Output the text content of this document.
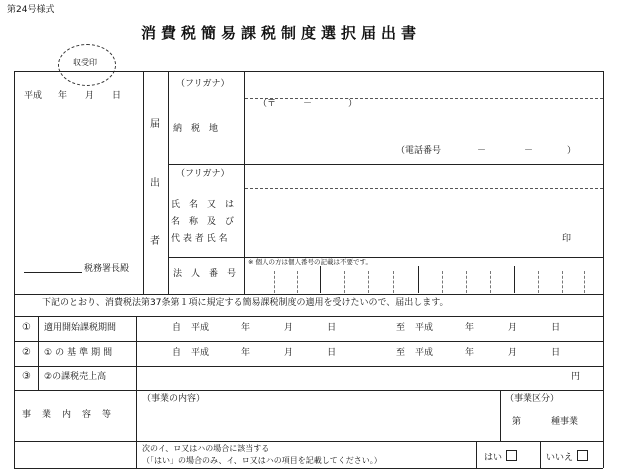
第24号様式
消費税簡易課税制度選択届出書
収受印
平成 年 月 日
税務署長殿
届
出
者
（フリガナ）
納　税　地
（〒　　　－　　　　）
（電話番号	－	－	）
（フリガナ）
氏　名　又　は
名　称　及　び
代 表 者 氏 名	印
※ 個人の方は個人番号の記載は不要です。
法　人　番　号
下記のとおり、消費税法第37条第１項に規定する簡易課税制度の適用を受けたいので、届出します。
① 適用開始課税期間	自 平成	年	月	日	至 平成	年	月	日
② ①の基準期間	自 平成	年	月	日	至 平成	年	月	日
③ ②の課税売上高	円
事　業　内　容　等
（事業の内容）	（事業区分）
第	種事業
次のイ、ロ又はハの場合に該当する
（「はい」の場合のみ、イ、ロ又はハの項目を記載してください。）	はい	いいえ
